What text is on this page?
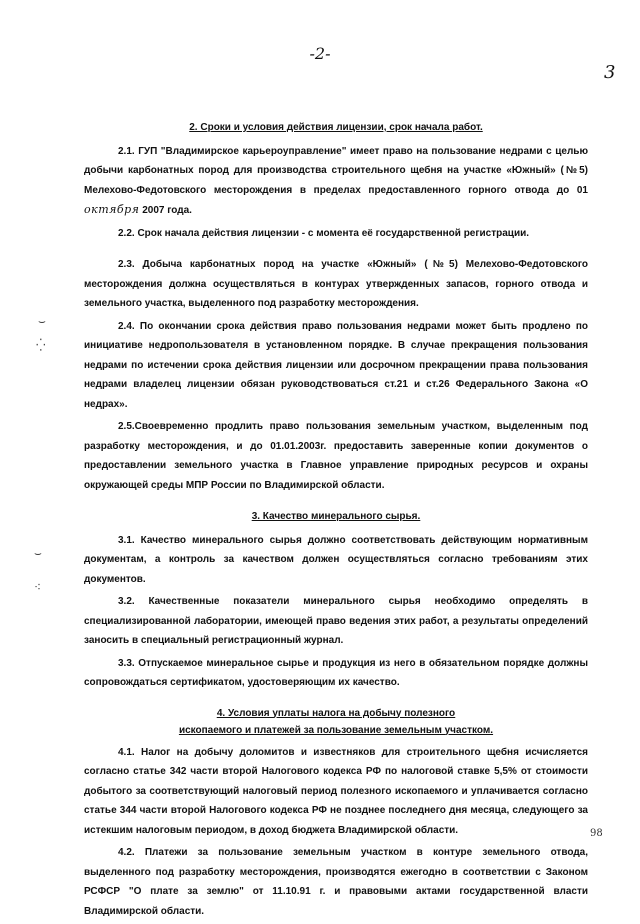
-2-
3
⌣
⁛
⌣
⁖
2. Сроки и условия действия лицензии, срок начала работ.

2.1. ГУП "Владимирское карьероуправление" имеет право на пользование недрами с целью добычи карбонатных пород для производства строительного щебня на участке «Южный» (№5) Мелехово-Федотовского месторождения в пределах предоставленного горного отвода до 01 октября 2007 года.

2.2. Срок начала действия лицензии - с момента её государственной регистрации.

2.3. Добыча карбонатных пород на участке «Южный» (№5) Мелехово-Федотовского месторождения должна осуществляться в контурах утвержденных запасов, горного отвода и земельного участка, выделенного под разработку месторождения.

2.4. По окончании срока действия право пользования недрами может быть продлено по инициативе недропользователя в установленном порядке. В случае прекращения пользования недрами по истечении срока действия лицензии или досрочном прекращении права пользования недрами владелец лицензии обязан руководствоваться ст.21 и ст.26 Федерального Закона «О недрах».

2.5.Своевременно продлить право пользования земельным участком, выделенным под разработку месторождения, и до 01.01.2003г. предоставить заверенные копии документов о предоставлении земельного участка в Главное управление природных ресурсов и охраны окружающей среды МПР России по Владимирской области.

3. Качество минерального сырья.

3.1. Качество минерального сырья должно соответствовать действующим нормативным документам, а контроль за качеством должен осуществляться согласно требованиям этих документов.

3.2. Качественные показатели минерального сырья необходимо определять в специализированной лаборатории, имеющей право ведения этих работ, а результаты определений заносить в специальный регистрационный журнал.

3.3. Отпускаемое минеральное сырье и продукция из него в обязательном порядке должны сопровождаться сертификатом, удостоверяющим их качество.

4. Условия уплаты налога на добычу полезного
ископаемого и платежей за пользование земельным участком.

4.1. Налог на добычу доломитов и известняков для строительного щебня исчисляется согласно статье 342 части второй Налогового кодекса РФ по налоговой ставке 5,5% от стоимости добытого за соответствующий налоговый период полезного ископаемого и уплачивается согласно статье 344 части второй Налогового кодекса РФ не позднее последнего дня месяца, следующего за истекшим налоговым периодом, в доход бюджета Владимирской области.

4.2. Платежи за пользование земельным участком в контуре земельного отвода, выделенного под разработку месторождения, производятся ежегодно в соответствии с Законом РСФСР "О плате за землю" от 11.10.91 г. и правовыми актами государственной власти Владимирской области.

98
